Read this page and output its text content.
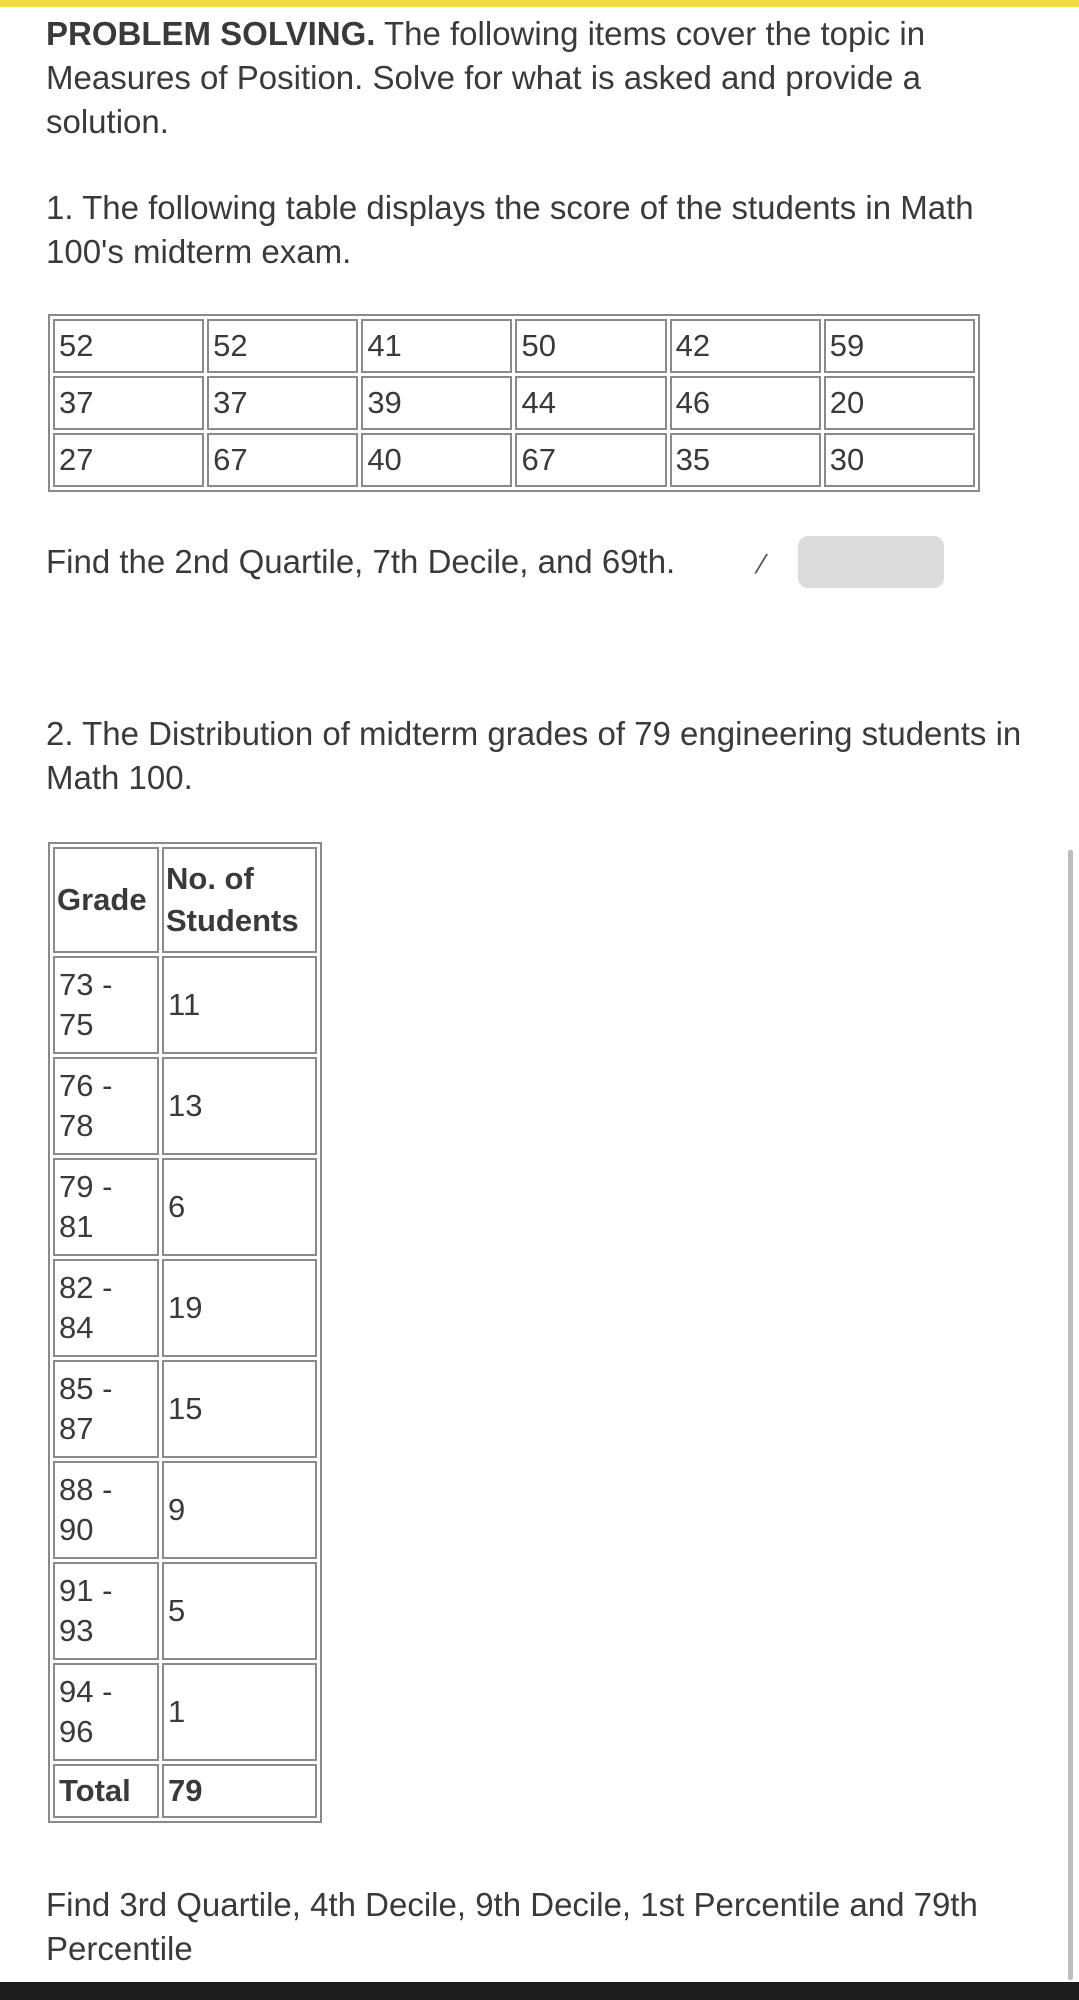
PROBLEM SOLVING. The following items cover the topic in Measures of Position. Solve for what is asked and provide a solution.
1. The following table displays the score of the students in Math 100's midterm exam.
52	52	41	50	42	59
37	37	39	44	46	20
27	67	40	67	35	30
Find the 2nd Quartile, 7th Decile, and 69th.	⁄
2. The Distribution of midterm grades of 79 engineering students in Math 100.
Grade	No. of Students
73 -
75	11
76 -
78	13
79 -
81	6
82 -
84	19
85 -
87	15
88 -
90	9
91 -
93	5
94 -
96	1
Total	79
Find 3rd Quartile, 4th Decile, 9th Decile, 1st Percentile and 79th Percentile
